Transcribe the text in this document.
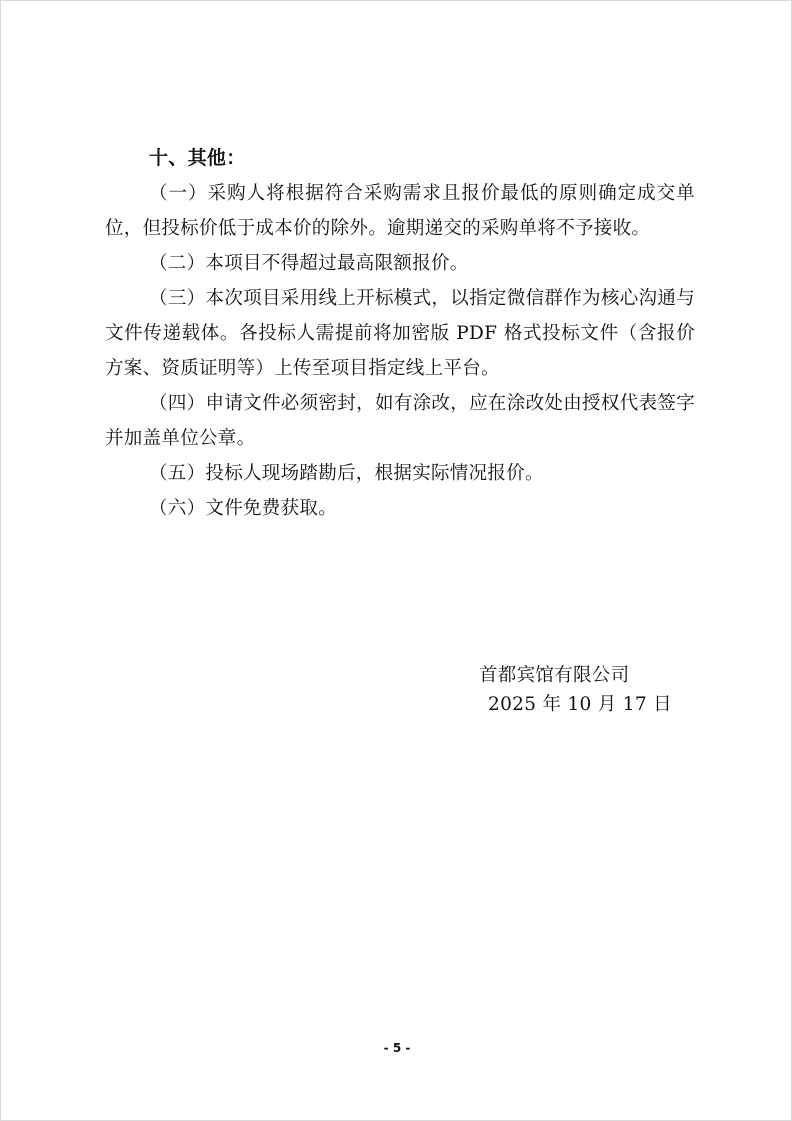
十、其他：

（一）采购人将根据符合采购需求且报价最低的原则确定成交单位，但投标价低于成本价的除外。逾期递交的采购单将不予接收。

（二）本项目不得超过最高限额报价。

（三）本次项目采用线上开标模式，以指定微信群作为核心沟通与文件传递载体。各投标人需提前将加密版 PDF 格式投标文件（含报价方案、资质证明等）上传至项目指定线上平台。

（四）申请文件必须密封，如有涂改，应在涂改处由授权代表签字并加盖单位公章。

（五）投标人现场踏勘后，根据实际情况报价。

（六）文件免费获取。

首都宾馆有限公司
2025 年 10 月 17 日
- 5 -
